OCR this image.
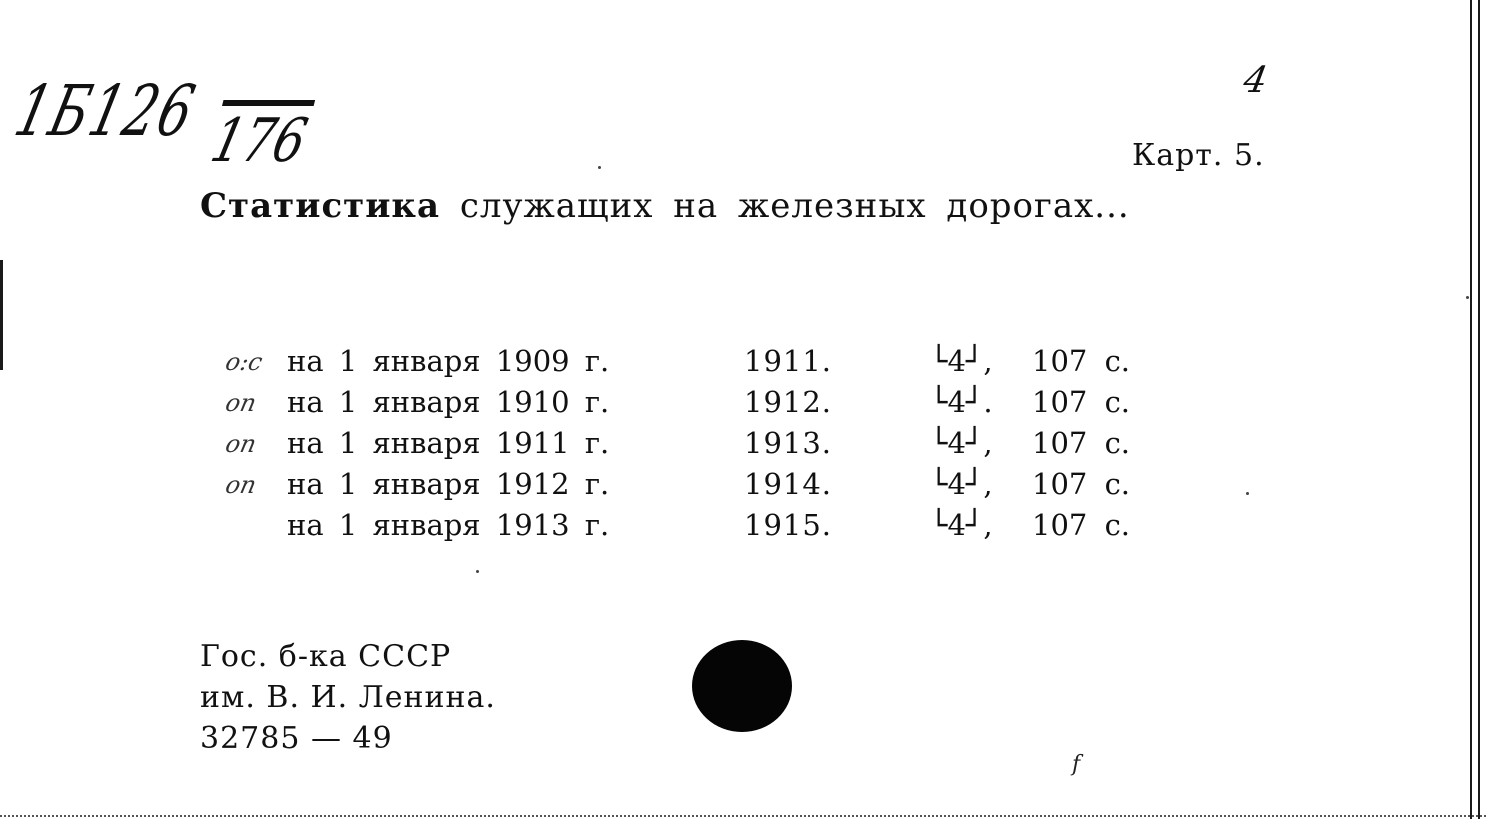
1Б126 176
4
Карт. 5.
Статистика служащих на железных дорогах...
о:с на 1 января 1909 г.	1911.	└4┘, 107 с.
оп на 1 января 1910 г.	1912.	└4┘. 107 с.
оп на 1 января 1911 г.	1913.	└4┘, 107 с.
оп на 1 января 1912 г.	1914.	└4┘, 107 с.
на 1 января 1913 г.	1915.	└4┘, 107 с.
Гос. б-ка СССР
им. В. И. Ленина.
32785 — 49
f
